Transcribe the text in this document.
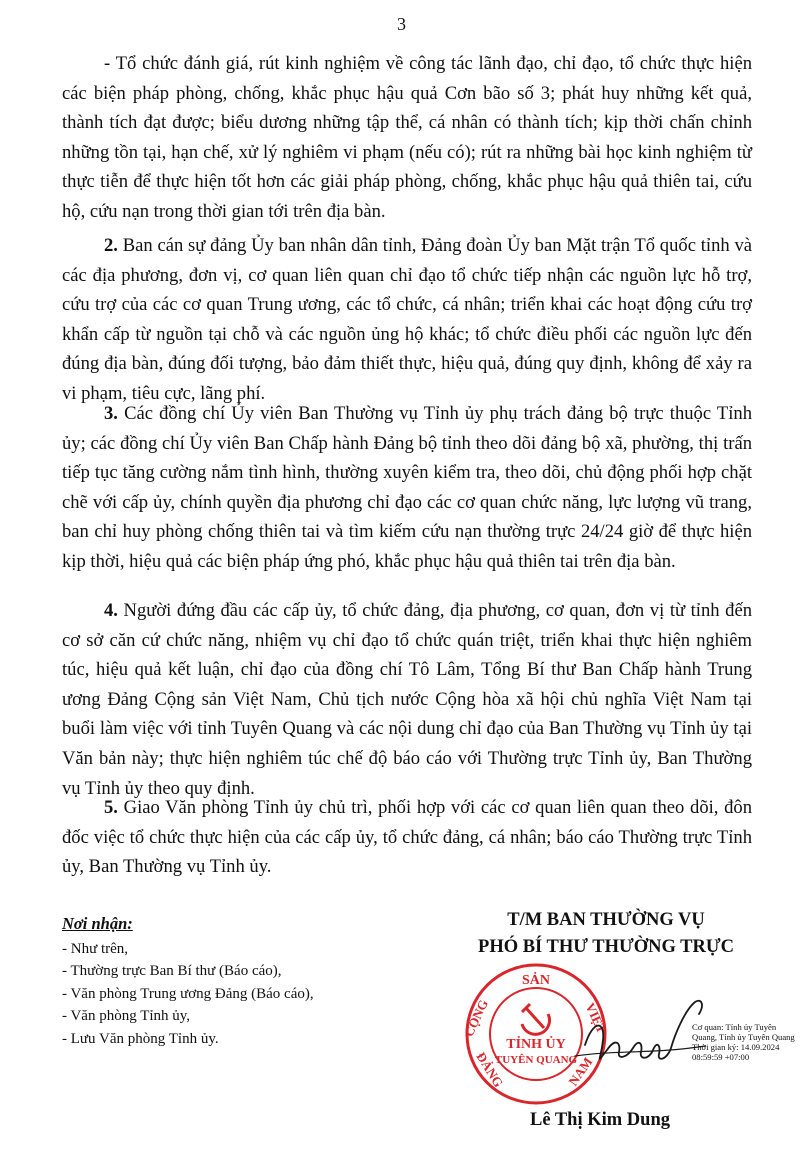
3
- Tổ chức đánh giá, rút kinh nghiệm về công tác lãnh đạo, chỉ đạo, tổ chức thực hiện các biện pháp phòng, chống, khắc phục hậu quả Cơn bão số 3; phát huy những kết quả, thành tích đạt được; biểu dương những tập thể, cá nhân có thành tích; kịp thời chấn chỉnh những tồn tại, hạn chế, xử lý nghiêm vi phạm (nếu có); rút ra những bài học kinh nghiệm từ thực tiễn để thực hiện tốt hơn các giải pháp phòng, chống, khắc phục hậu quả thiên tai, cứu hộ, cứu nạn trong thời gian tới trên địa bàn.
2. Ban cán sự đảng Ủy ban nhân dân tỉnh, Đảng đoàn Ủy ban Mặt trận Tổ quốc tỉnh và các địa phương, đơn vị, cơ quan liên quan chỉ đạo tổ chức tiếp nhận các nguồn lực hỗ trợ, cứu trợ của các cơ quan Trung ương, các tổ chức, cá nhân; triển khai các hoạt động cứu trợ khẩn cấp từ nguồn tại chỗ và các nguồn ủng hộ khác; tổ chức điều phối các nguồn lực đến đúng địa bàn, đúng đối tượng, bảo đảm thiết thực, hiệu quả, đúng quy định, không để xảy ra vi phạm, tiêu cực, lãng phí.
3. Các đồng chí Ủy viên Ban Thường vụ Tỉnh ủy phụ trách đảng bộ trực thuộc Tỉnh ủy; các đồng chí Ủy viên Ban Chấp hành Đảng bộ tỉnh theo dõi đảng bộ xã, phường, thị trấn tiếp tục tăng cường nắm tình hình, thường xuyên kiểm tra, theo dõi, chủ động phối hợp chặt chẽ với cấp ủy, chính quyền địa phương chỉ đạo các cơ quan chức năng, lực lượng vũ trang, ban chỉ huy phòng chống thiên tai và tìm kiếm cứu nạn thường trực 24/24 giờ để thực hiện kịp thời, hiệu quả các biện pháp ứng phó, khắc phục hậu quả thiên tai trên địa bàn.
4. Người đứng đầu các cấp ủy, tổ chức đảng, địa phương, cơ quan, đơn vị từ tỉnh đến cơ sở căn cứ chức năng, nhiệm vụ chỉ đạo tổ chức quán triệt, triển khai thực hiện nghiêm túc, hiệu quả kết luận, chỉ đạo của đồng chí Tô Lâm, Tổng Bí thư Ban Chấp hành Trung ương Đảng Cộng sản Việt Nam, Chủ tịch nước Cộng hòa xã hội chủ nghĩa Việt Nam tại buổi làm việc với tỉnh Tuyên Quang và các nội dung chỉ đạo của Ban Thường vụ Tỉnh ủy tại Văn bản này; thực hiện nghiêm túc chế độ báo cáo với Thường trực Tỉnh ủy, Ban Thường vụ Tỉnh ủy theo quy định.
5. Giao Văn phòng Tỉnh ủy chủ trì, phối hợp với các cơ quan liên quan theo dõi, đôn đốc việc tổ chức thực hiện của các cấp ủy, tổ chức đảng, cá nhân; báo cáo Thường trực Tỉnh ủy, Ban Thường vụ Tỉnh ủy.
Nơi nhận:
- Như trên,
- Thường trực Ban Bí thư (Báo cáo),
- Văn phòng Trung ương Đảng (Báo cáo),
- Văn phòng Tỉnh ủy,
- Lưu Văn phòng Tỉnh ủy.
T/M BAN THƯỜNG VỤ
PHÓ BÍ THƯ THƯỜNG TRỰC
SẢN
CỘNG	VIỆT
NAM
ĐẢNG
TỈNH ỦY
TUYÊN QUANG
Cơ quan: Tỉnh ủy Tuyên Quang, Tỉnh ủy Tuyên Quang
Thời gian ký: 14.09.2024 08:59:59 +07:00
Lê Thị Kim Dung
